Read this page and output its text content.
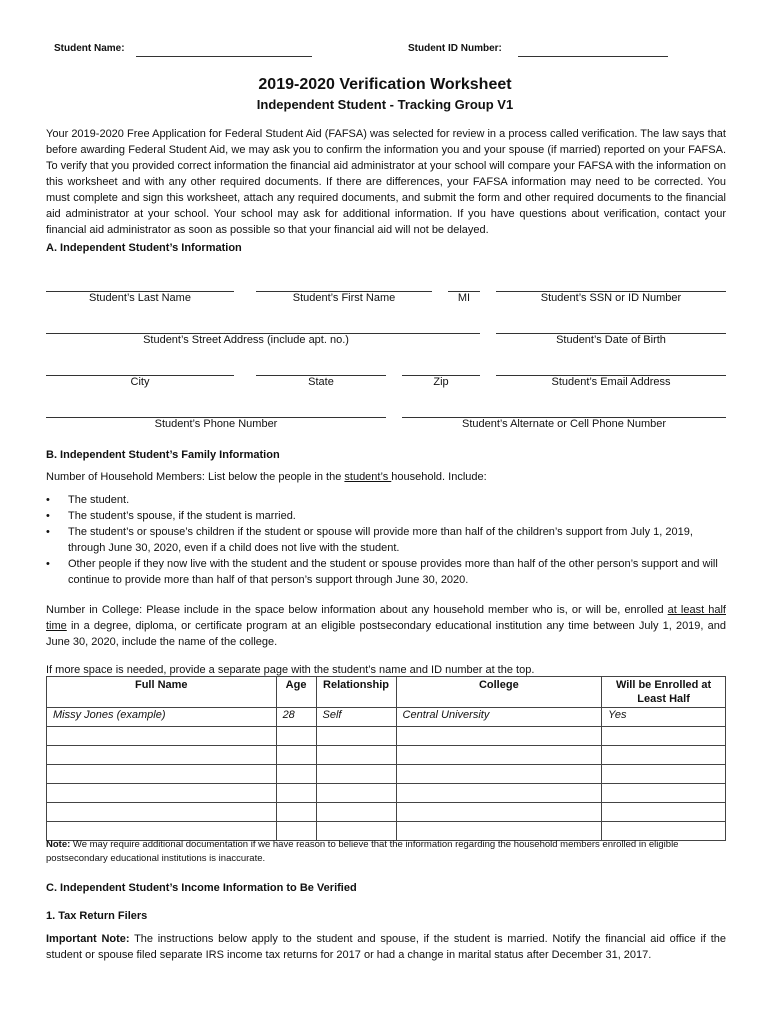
Student Name:	Student ID Number:
2019-2020 Verification Worksheet
Independent Student - Tracking Group V1
Your 2019-2020 Free Application for Federal Student Aid (FAFSA) was selected for review in a process called verification. The law says that before awarding Federal Student Aid, we may ask you to confirm the information you and your spouse (if married) reported on your FAFSA. To verify that you provided correct information the financial aid administrator at your school will compare your FAFSA with the information on this worksheet and with any other required documents. If there are differences, your FAFSA information may need to be corrected. You must complete and sign this worksheet, attach any required documents, and submit the form and other required documents to the financial aid administrator at your school. Your school may ask for additional information. If you have questions about verification, contact your financial aid administrator as soon as possible so that your financial aid will not be delayed.
A. Independent Student’s Information
Student’s Last Name	Student’s First Name	MI	Student’s SSN or ID Number
Student’s Street Address (include apt. no.)	Student’s Date of Birth
City	State	Zip	Student’s Email Address
Student’s Phone Number	Student’s Alternate or Cell Phone Number
B. Independent Student’s Family Information
Number of Household Members: List below the people in the student’s household. Include:
• The student.
• The student’s spouse, if the student is married.
• The student’s or spouse’s children if the student or spouse will provide more than half of the children’s support from July 1, 2019, through June 30, 2020, even if a child does not live with the student.
• Other people if they now live with the student and the student or spouse provides more than half of the other person’s support and will continue to provide more than half of that person’s support through June 30, 2020.
Number in College: Please include in the space below information about any household member who is, or will be, enrolled at least half time in a degree, diploma, or certificate program at an eligible postsecondary educational institution any time between July 1, 2019, and June 30, 2020, include the name of the college.
If more space is needed, provide a separate page with the student’s name and ID number at the top.
Full Name	Age	Relationship	College	Will be Enrolled at Least Half
Missy Jones (example)	28	Self	Central University	Yes

Note: We may require additional documentation if we have reason to believe that the information regarding the household members enrolled in eligible postsecondary educational institutions is inaccurate.
C. Independent Student’s Income Information to Be Verified
1. Tax Return Filers
Important Note: The instructions below apply to the student and spouse, if the student is married. Notify the financial aid office if the student or spouse filed separate IRS income tax returns for 2017 or had a change in marital status after December 31, 2017.
